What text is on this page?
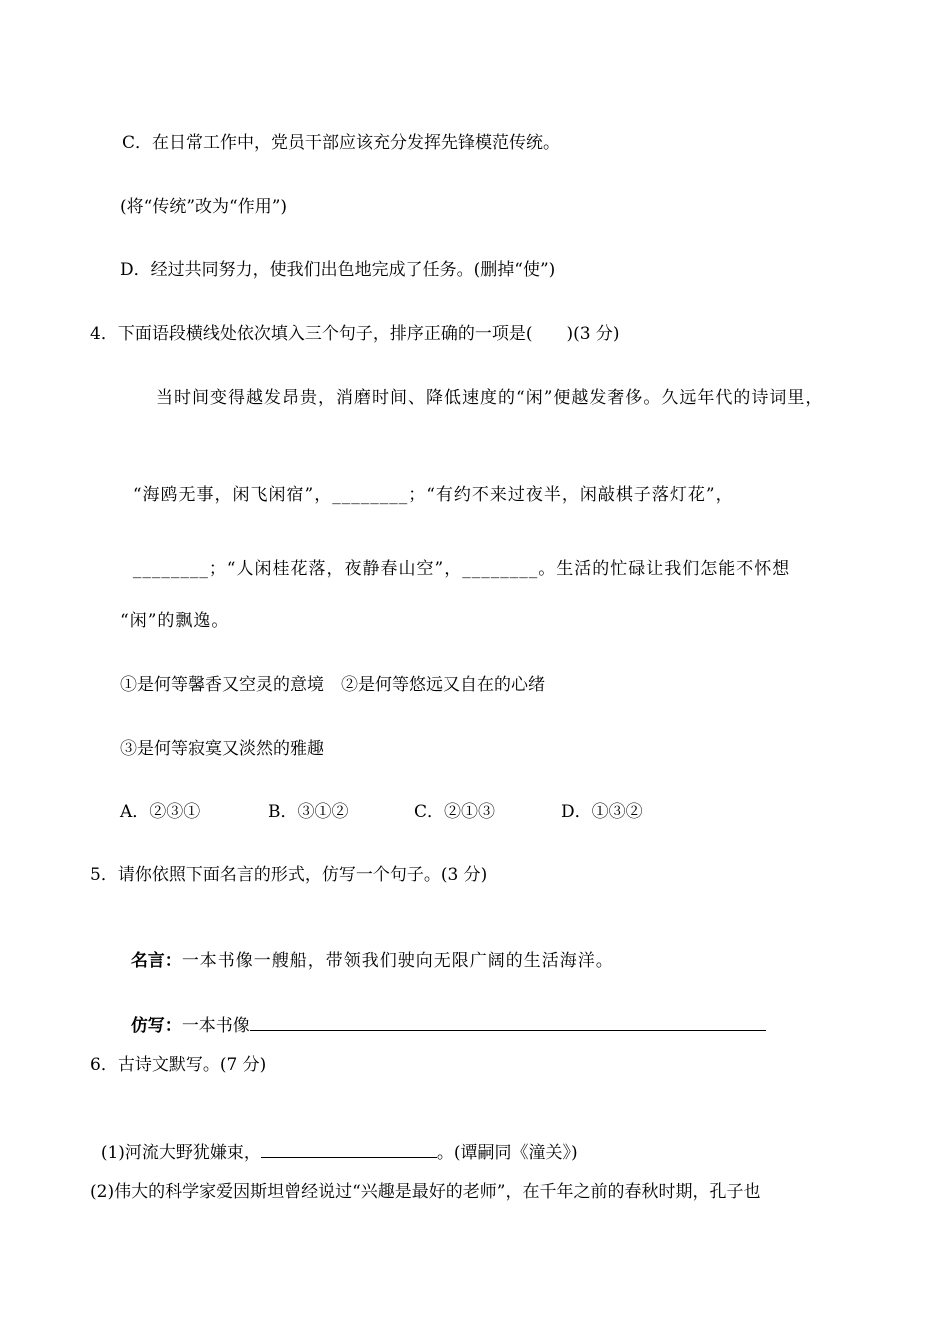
C．在日常工作中，党员干部应该充分发挥先锋模范传统。
(将“传统”改为“作用”)
D．经过共同努力，使我们出色地完成了任务。(删掉“使”)
4．下面语段横线处依次填入三个句子，排序正确的一项是(　　)(3 分)
当时间变得越发昂贵，消磨时间、降低速度的“闲”便越发奢侈。久远年代的诗词里，

“海鸥无事，闲飞闲宿”，________；“有约不来过夜半，闲敲棋子落灯花”，

________；“人闲桂花落，夜静春山空”，________。生活的忙碌让我们怎能不怀想

“闲”的飘逸。
①是何等馨香又空灵的意境　②是何等悠远又自在的心绪
③是何等寂寞又淡然的雅趣
A．②③①	B．③①②	C．②①③	D．①③②
5．请你依照下面名言的形式，仿写一个句子。(3 分)

名言：一本书像一艘船，带领我们驶向无限广阔的生活海洋。

仿写：一本书像

6．古诗文默写。(7 分)

(1)河流大野犹嫌束，	。(谭嗣同《潼关》)

(2)伟大的科学家爱因斯坦曾经说过“兴趣是最好的老师”，在千年之前的春秋时期，孔子也
